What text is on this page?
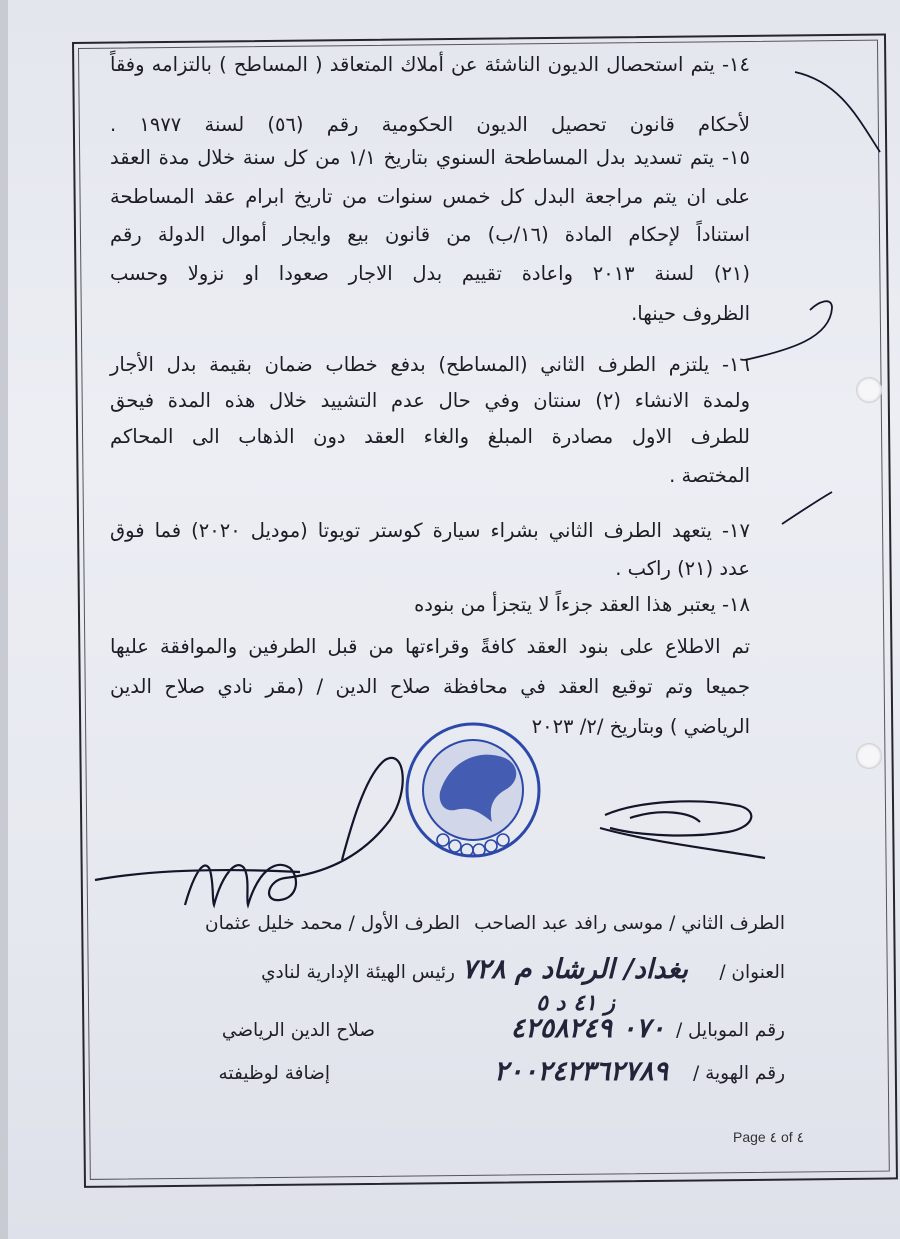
١٤- يتم استحصال الديون الناشئة عن أملاك المتعاقد ( المساطح ) بالتزامه وفقاً
لأحكام قانون تحصيل الديون الحكومية رقم (٥٦) لسنة ١٩٧٧ .
١٥- يتم تسديد بدل المساطحة السنوي بتاريخ ١/١ من كل سنة خلال مدة العقد
على ان يتم مراجعة البدل كل خمس سنوات من تاريخ ابرام عقد المساطحة
استناداً لإحكام المادة (١٦/ب) من قانون بيع وايجار أموال الدولة رقم
(٢١) لسنة ٢٠١٣ واعادة تقييم بدل الاجار صعودا او نزولا وحسب
الظروف حينها.
١٦- يلتزم الطرف الثاني (المساطح) بدفع خطاب ضمان بقيمة بدل الأجار
ولمدة الانشاء (٢) سنتان وفي حال عدم التشييد خلال هذه المدة فيحق
للطرف الاول مصادرة المبلغ والغاء العقد دون الذهاب الى المحاكم
المختصة .
١٧- يتعهد الطرف الثاني بشراء سيارة كوستر تويوتا (موديل ٢٠٢٠) فما فوق
عدد (٢١) راكب .
١٨- يعتبر هذا العقد جزءاً لا يتجزأ من بنوده
تم الاطلاع على بنود العقد كافةً وقراءتها من قبل الطرفين والموافقة عليها
جميعا وتم توقيع العقد في محافظة صلاح الدين / (مقر نادي صلاح الدين
الرياضي ) وبتاريخ /٢/ ٢٠٢٣
الطرف الثاني / موسى رافد عبد الصاحب
الطرف الأول / محمد خليل عثمان
العنوان /
بغداد/ الرشاد م ٧٢٨
رئيس الهيئة الإدارية لنادي
ز ٤١ د ٥
رقم الموبايل /
٠٧٠ ٤٢٥٨٢٤٩
صلاح الدين الرياضي
رقم الهوية /
٢٠٠٢٤٢٣٦٢٧٨٩
إضافة لوظيفته
Page ٤ of ٤
